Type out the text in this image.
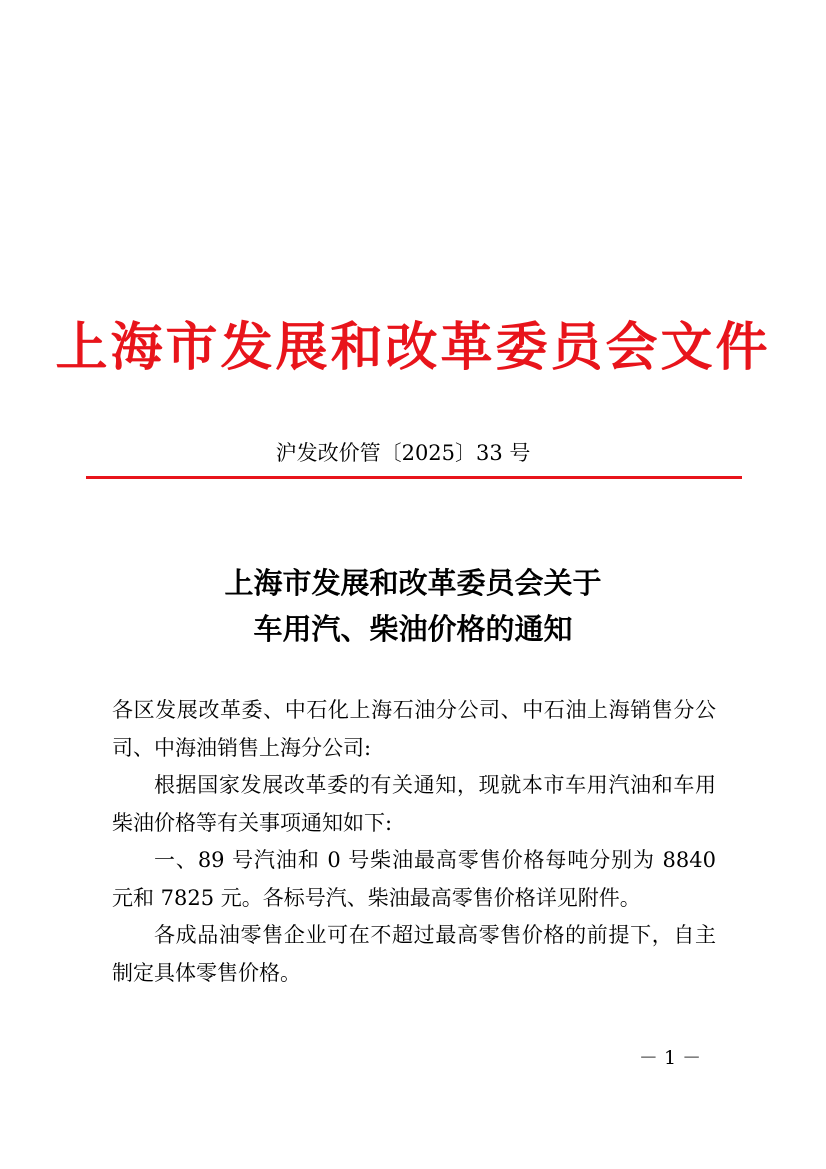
上海市发展和改革委员会文件
沪发改价管〔2025〕33 号
上海市发展和改革委员会关于
车用汽、柴油价格的通知

各区发展改革委、中石化上海石油分公司、中石油上海销售分公司、中海油销售上海分公司:

根据国家发展改革委的有关通知，现就本市车用汽油和车用柴油价格等有关事项通知如下:

一、89 号汽油和 0 号柴油最高零售价格每吨分别为 8840 元和 7825 元。各标号汽、柴油最高零售价格详见附件。

各成品油零售企业可在不超过最高零售价格的前提下，自主制定具体零售价格。

－ 1 －
